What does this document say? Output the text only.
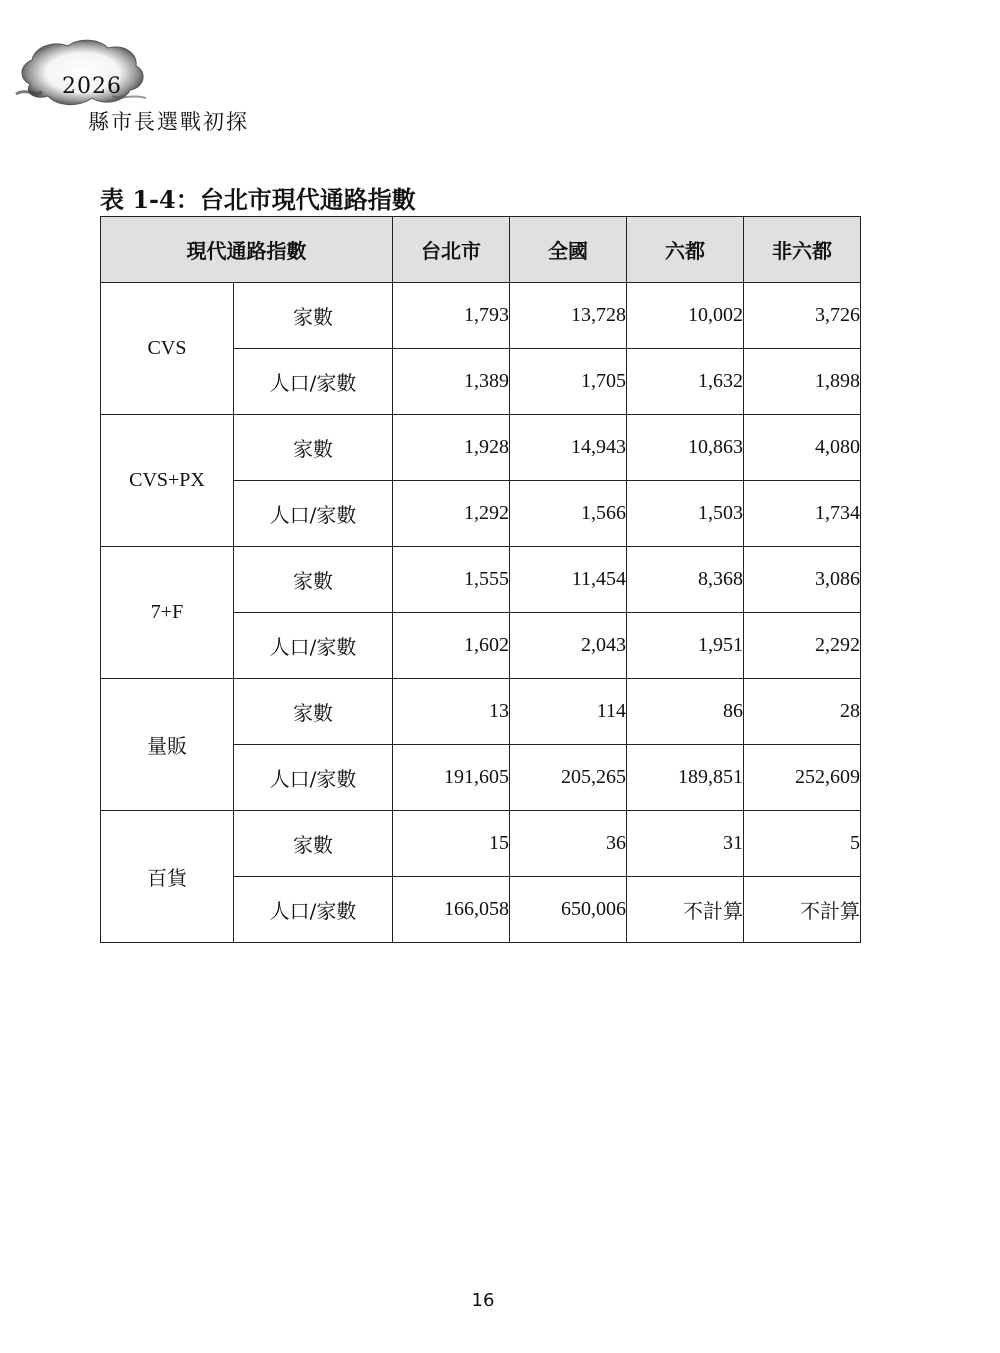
2026
縣市長選戰初探
表 1-4：台北市現代通路指數
現代通路指數		台北市	全國	六都	非六都
CVS	家數	1,793	13,728	10,002	3,726
	人口/家數	1,389	1,705	1,632	1,898
CVS+PX	家數	1,928	14,943	10,863	4,080
	人口/家數	1,292	1,566	1,503	1,734
7+F	家數	1,555	11,454	8,368	3,086
	人口/家數	1,602	2,043	1,951	2,292
量販	家數	13	114	86	28
	人口/家數	191,605	205,265	189,851	252,609
百貨	家數	15	36	31	5
	人口/家數	166,058	650,006	不計算	不計算
16
